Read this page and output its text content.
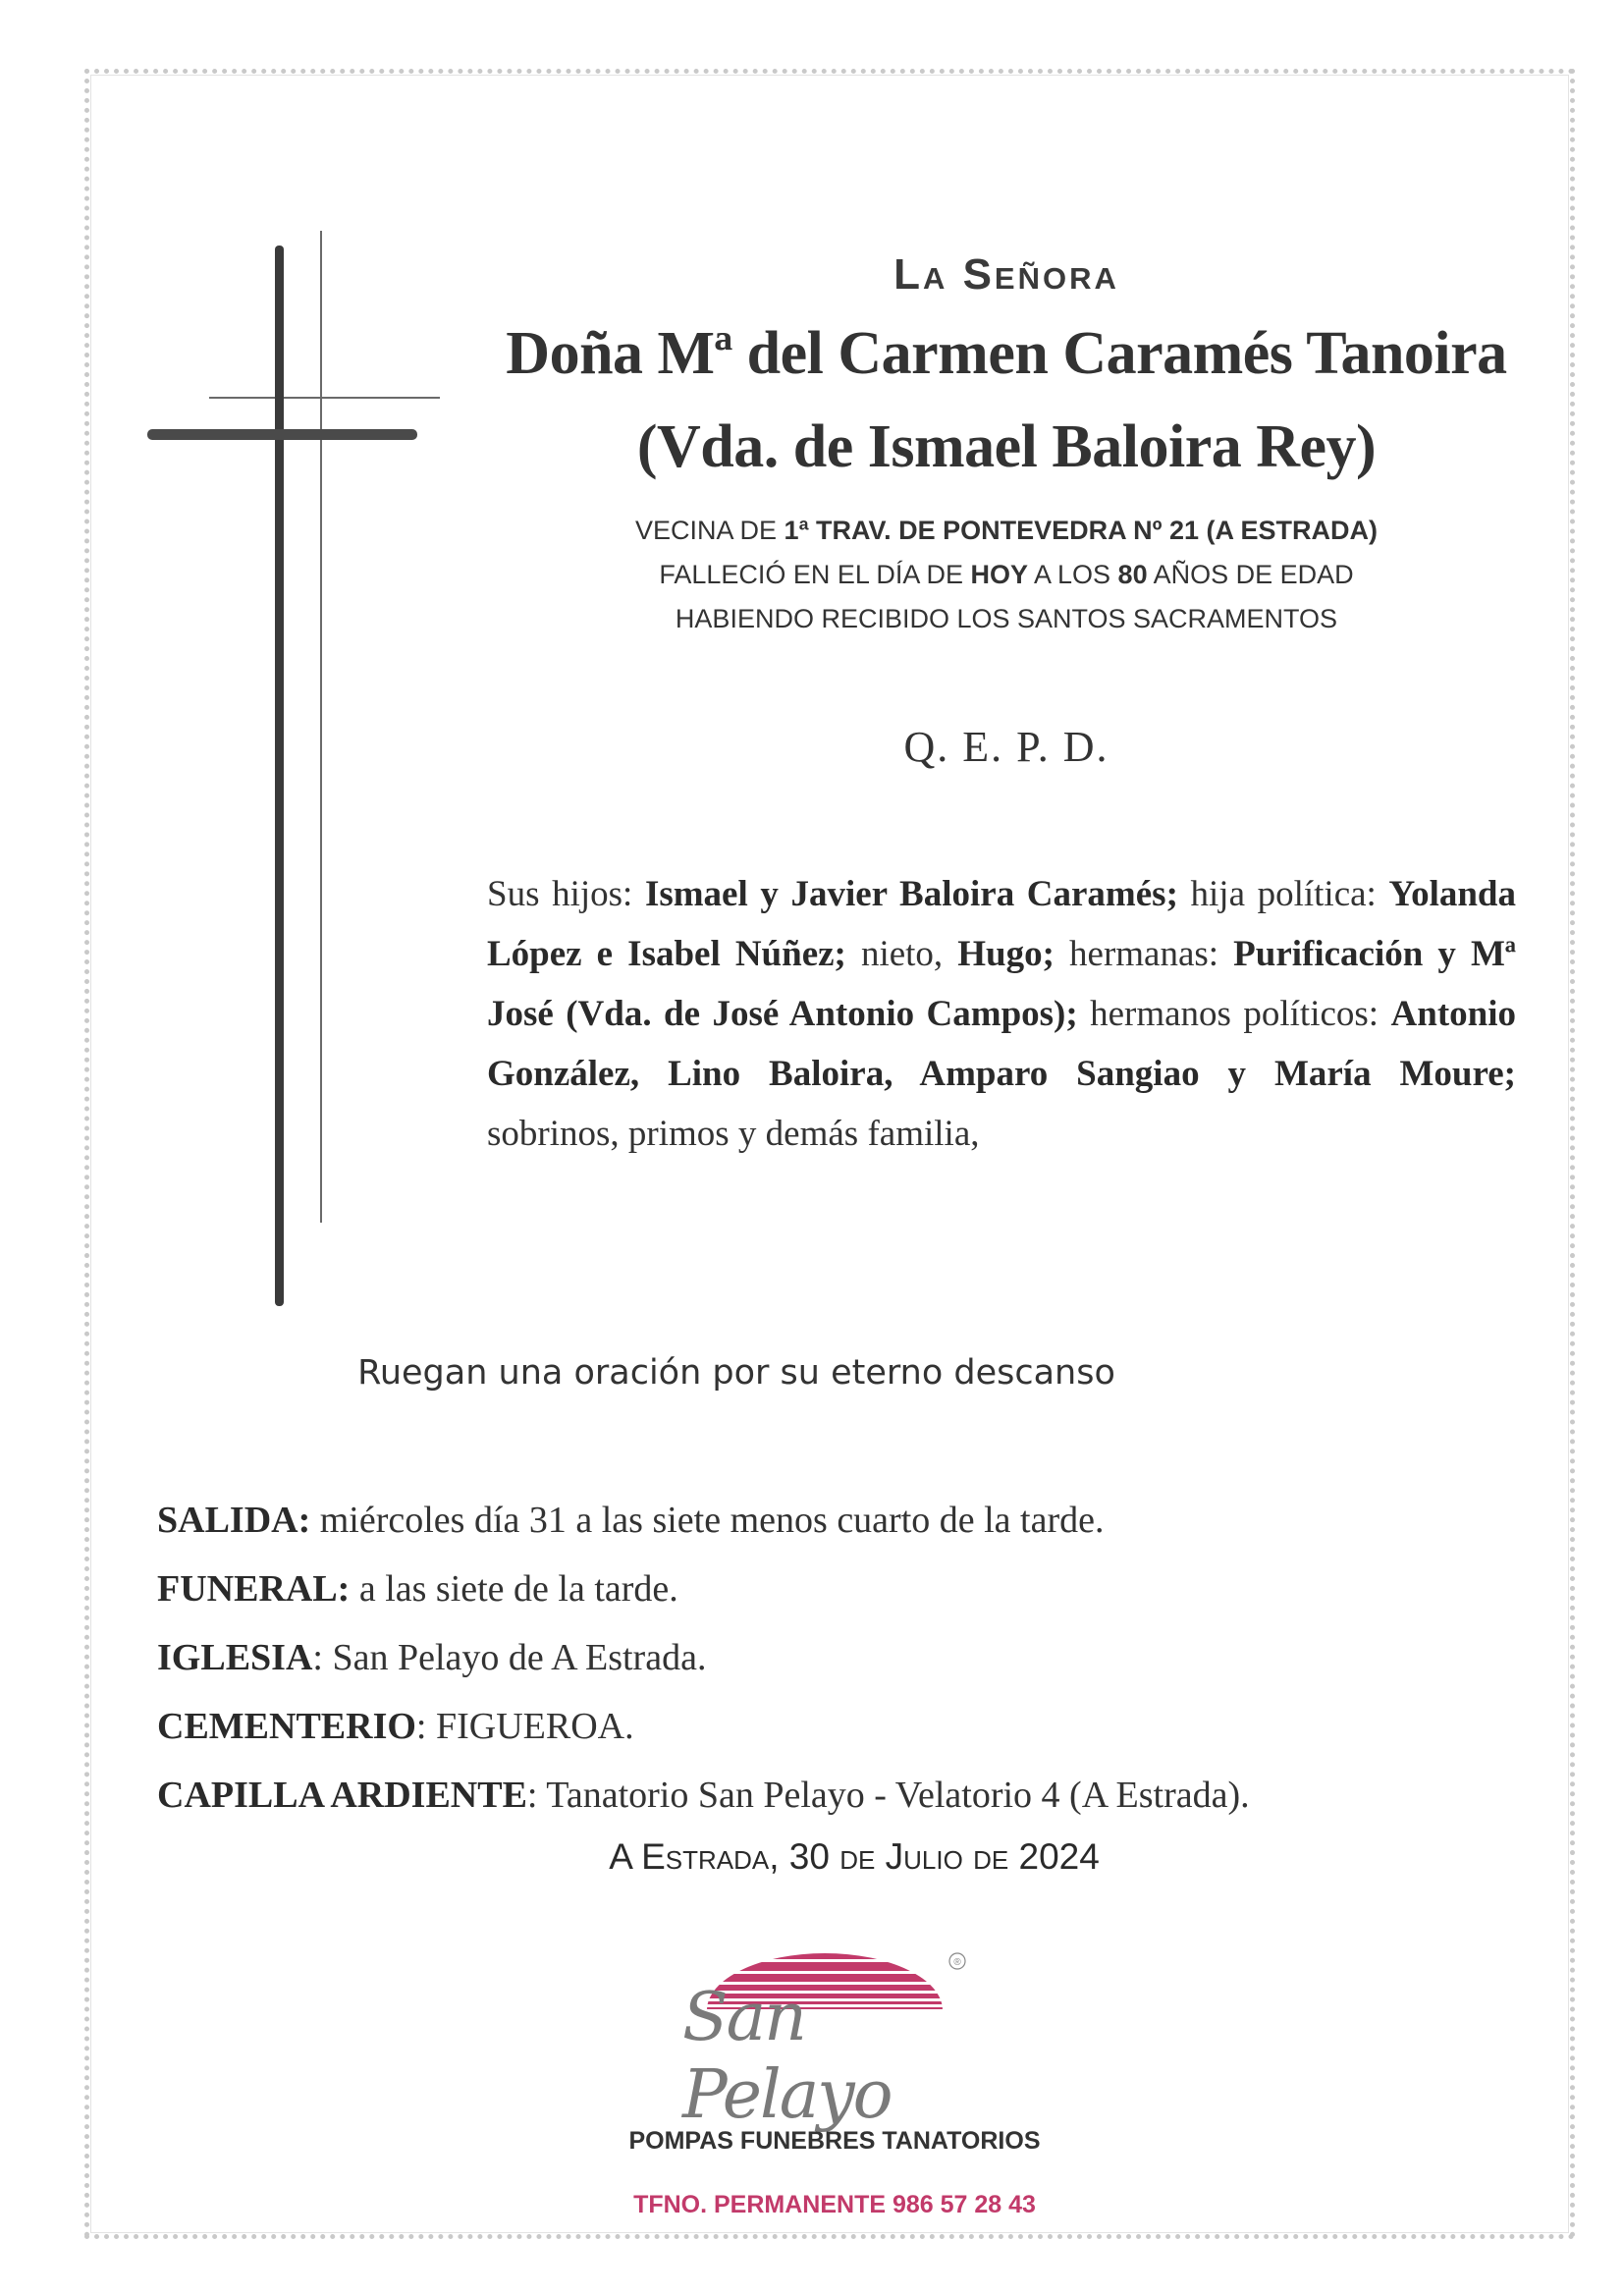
La Señora
Doña Mª del Carmen Caramés Tanoira
(Vda. de Ismael Baloira Rey)
VECINA DE 1ª TRAV. DE PONTEVEDRA Nº 21 (A ESTRADA)
FALLECIÓ EN EL DÍA DE HOY A LOS 80 AÑOS DE EDAD
HABIENDO RECIBIDO LOS SANTOS SACRAMENTOS
Q. E. P. D.
Sus hijos: Ismael y Javier Baloira Caramés; hija política: Yolanda López e Isabel Núñez; nieto, Hugo; hermanas: Purificación y Mª José (Vda. de José Antonio Campos); hermanos políticos: Antonio González, Lino Baloira, Amparo Sangiao y María Moure; sobrinos, primos y demás familia,
Ruegan una oración por su eterno descanso
SALIDA: miércoles día 31 a las siete menos cuarto de la tarde.
FUNERAL: a las siete de la tarde.
IGLESIA: San Pelayo de A Estrada.
CEMENTERIO: FIGUEROA.
CAPILLA ARDIENTE: Tanatorio San Pelayo - Velatorio 4 (A Estrada).
A Estrada, 30 de Julio de 2024
®
San Pelayo
POMPAS FUNEBRES TANATORIOS
TFNO. PERMANENTE 986 57 28 43
